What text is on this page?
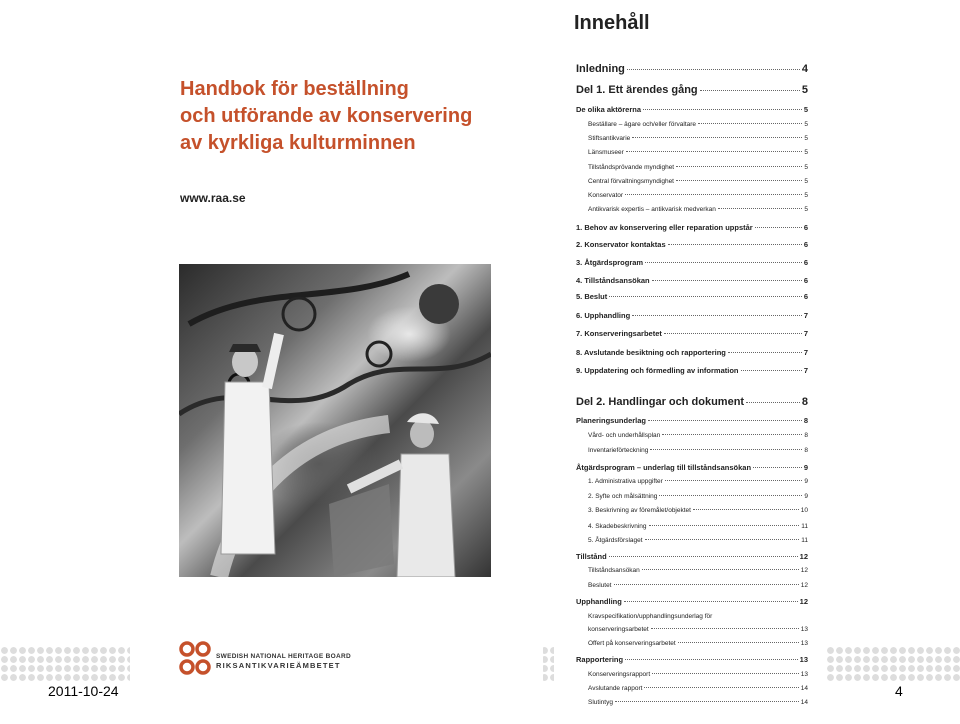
Handbok för beställning
och utförande av konservering
av kyrkliga kulturminnen
www.raa.se
SWEDISH NATIONAL HERITAGE BOARD
RIKSANTIKVARIEÄMBETET
Innehåll
Inledning	4
Del 1. Ett ärendes gång	5
De olika aktörerna	5
Beställare – ägare och/eller förvaltare	5
Stiftsantikvarie	5
Länsmuseer	5
Tillståndsprövande myndighet	5
Central förvaltningsmyndighet	5
Konservator	5
Antikvarisk expertis – antikvarisk medverkan	5
1. Behov av konservering eller reparation uppstår	6
2. Konservator kontaktas	6
3. Åtgärdsprogram	6
4. Tillståndsansökan	6
5. Beslut	6
6. Upphandling	7
7. Konserveringsarbetet	7
8. Avslutande besiktning och rapportering	7
9. Uppdatering och förmedling av information	7
Del 2. Handlingar och dokument	8
Planeringsunderlag	8
Vård- och underhållsplan	8
Inventarieförteckning	8
Åtgärdsprogram – underlag till tillståndsansökan	9
1. Administrativa uppgifter	9
2. Syfte och målsättning	9
3. Beskrivning av föremålet/objektet	10
4. Skadebeskrivning	11
5. Åtgärdsförslaget	11
Tillstånd	12
Tillståndsansökan	12
Beslutet	12
Upphandling	12
Kravspecifikation/upphandlingsunderlag för
konserveringsarbetet	13
Offert på konserveringsarbetet	13
Rapportering	13
Konserveringsrapport	13
Avslutande rapport	14
Slutintyg	14
2011-10-24	4
